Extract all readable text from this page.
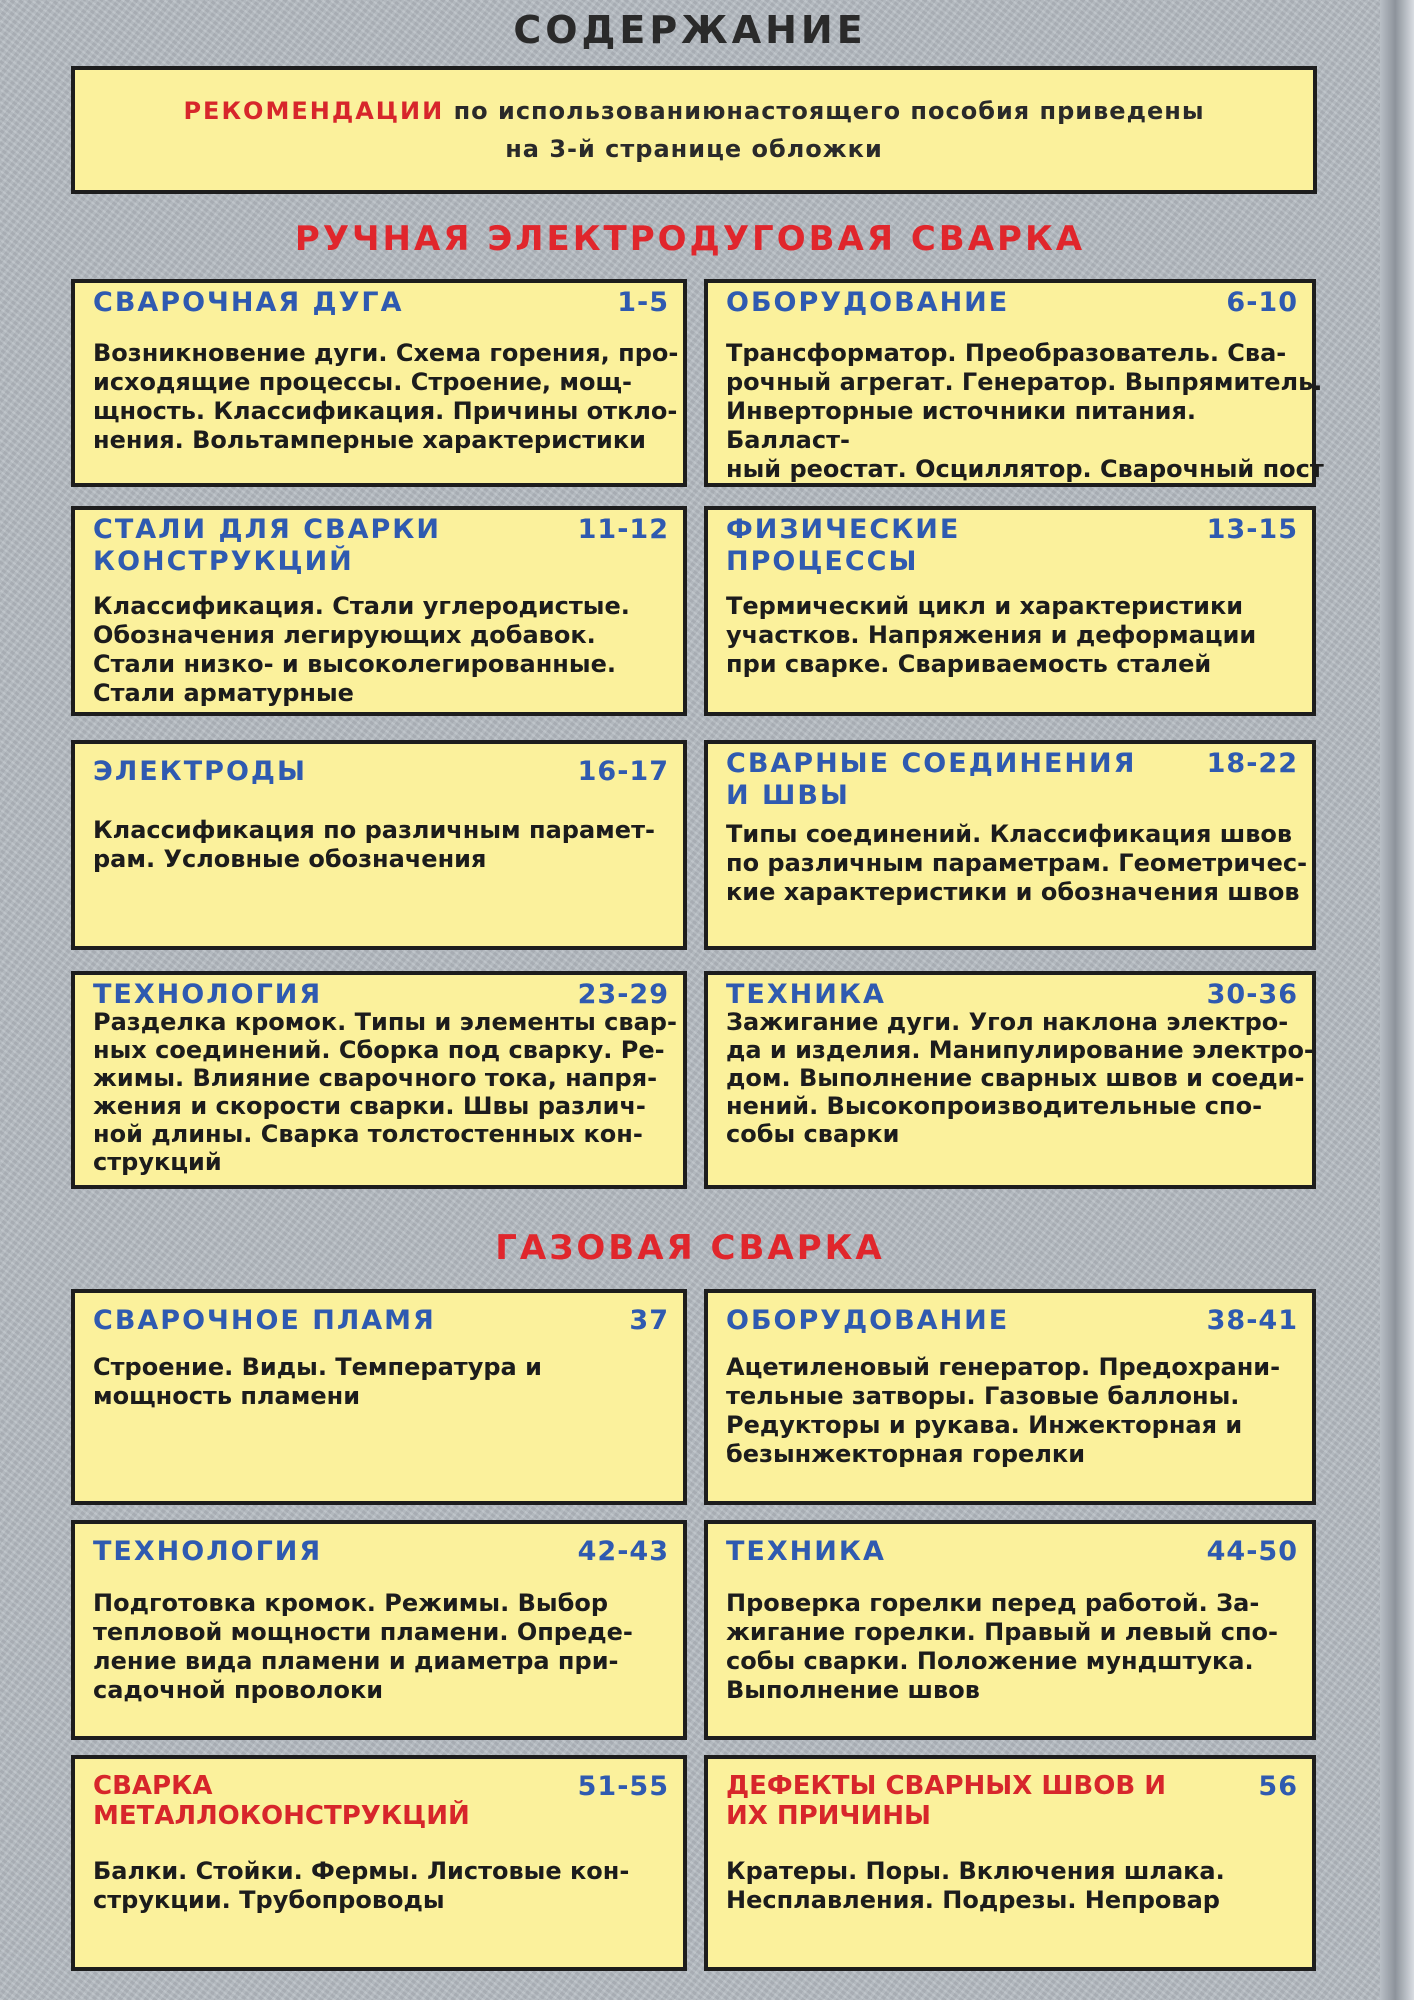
СОДЕРЖАНИЕ
РЕКОМЕНДАЦИИ по использованиюнастоящего пособия приведены
на 3-й странице обложки
РУЧНАЯ ЭЛЕКТРОДУГОВАЯ СВАРКА
СВАРОЧНАЯ ДУГА	1-5
Возникновение дуги. Схема горения, про-
исходящие процессы. Строение, мощ-
щность. Классификация. Причины откло-
нения. Вольтамперные характеристики
ОБОРУДОВАНИЕ	6-10
Трансформатор. Преобразователь. Сва-
рочный агрегат. Генератор. Выпрямитель.
Инверторные источники питания. Балласт-
ный реостат. Осциллятор. Сварочный пост
СТАЛИ ДЛЯ СВАРКИ КОНСТРУКЦИЙ
11-12
Классификация. Стали углеродистые.
Обозначения легирующих добавок.
Стали низко- и высоколегированные.
Стали арматурные
ФИЗИЧЕСКИЕ ПРОЦЕССЫ
13-15
Термический цикл и характеристики
участков. Напряжения и деформации
при сварке. Свариваемость сталей
ЭЛЕКТРОДЫ	16-17
Классификация по различным парамет-
рам. Условные обозначения
СВАРНЫЕ СОЕДИНЕНИЯ И ШВЫ
18-22
Типы соединений. Классификация швов
по различным параметрам. Геометричес-
кие характеристики и обозначения швов
ТЕХНОЛОГИЯ	23-29
Разделка кромок. Типы и элементы свар-
ных соединений. Сборка под сварку. Ре-
жимы. Влияние сварочного тока, напря-
жения и скорости сварки. Швы различ-
ной длины. Сварка толстостенных кон-
струкций
ТЕХНИКА	30-36
Зажигание дуги. Угол наклона электро-
да и изделия. Манипулирование электро-
дом. Выполнение сварных швов и соеди-
нений. Высокопроизводительные спо-
собы сварки
ГАЗОВАЯ СВАРКА
СВАРОЧНОЕ ПЛАМЯ	37
Строение. Виды. Температура и
мощность пламени
ОБОРУДОВАНИЕ	38-41
Ацетиленовый генератор. Предохрани-
тельные затворы. Газовые баллоны.
Редукторы и рукава. Инжекторная и
безынжекторная горелки
ТЕХНОЛОГИЯ	42-43
Подготовка кромок. Режимы. Выбор
тепловой мощности пламени. Опреде-
ление вида пламени и диаметра при-
садочной проволоки
ТЕХНИКА	44-50
Проверка горелки перед работой. За-
жигание горелки. Правый и левый спо-
собы сварки. Положение мундштука.
Выполнение швов
СВАРКА МЕТАЛЛОКОНСТРУКЦИЙ
51-55
Балки. Стойки. Фермы. Листовые кон-
струкции. Трубопроводы
ДЕФЕКТЫ СВАРНЫХ ШВОВ И ИХ ПРИЧИНЫ
56
Кратеры. Поры. Включения шлака.
Несплавления. Подрезы. Непровар
